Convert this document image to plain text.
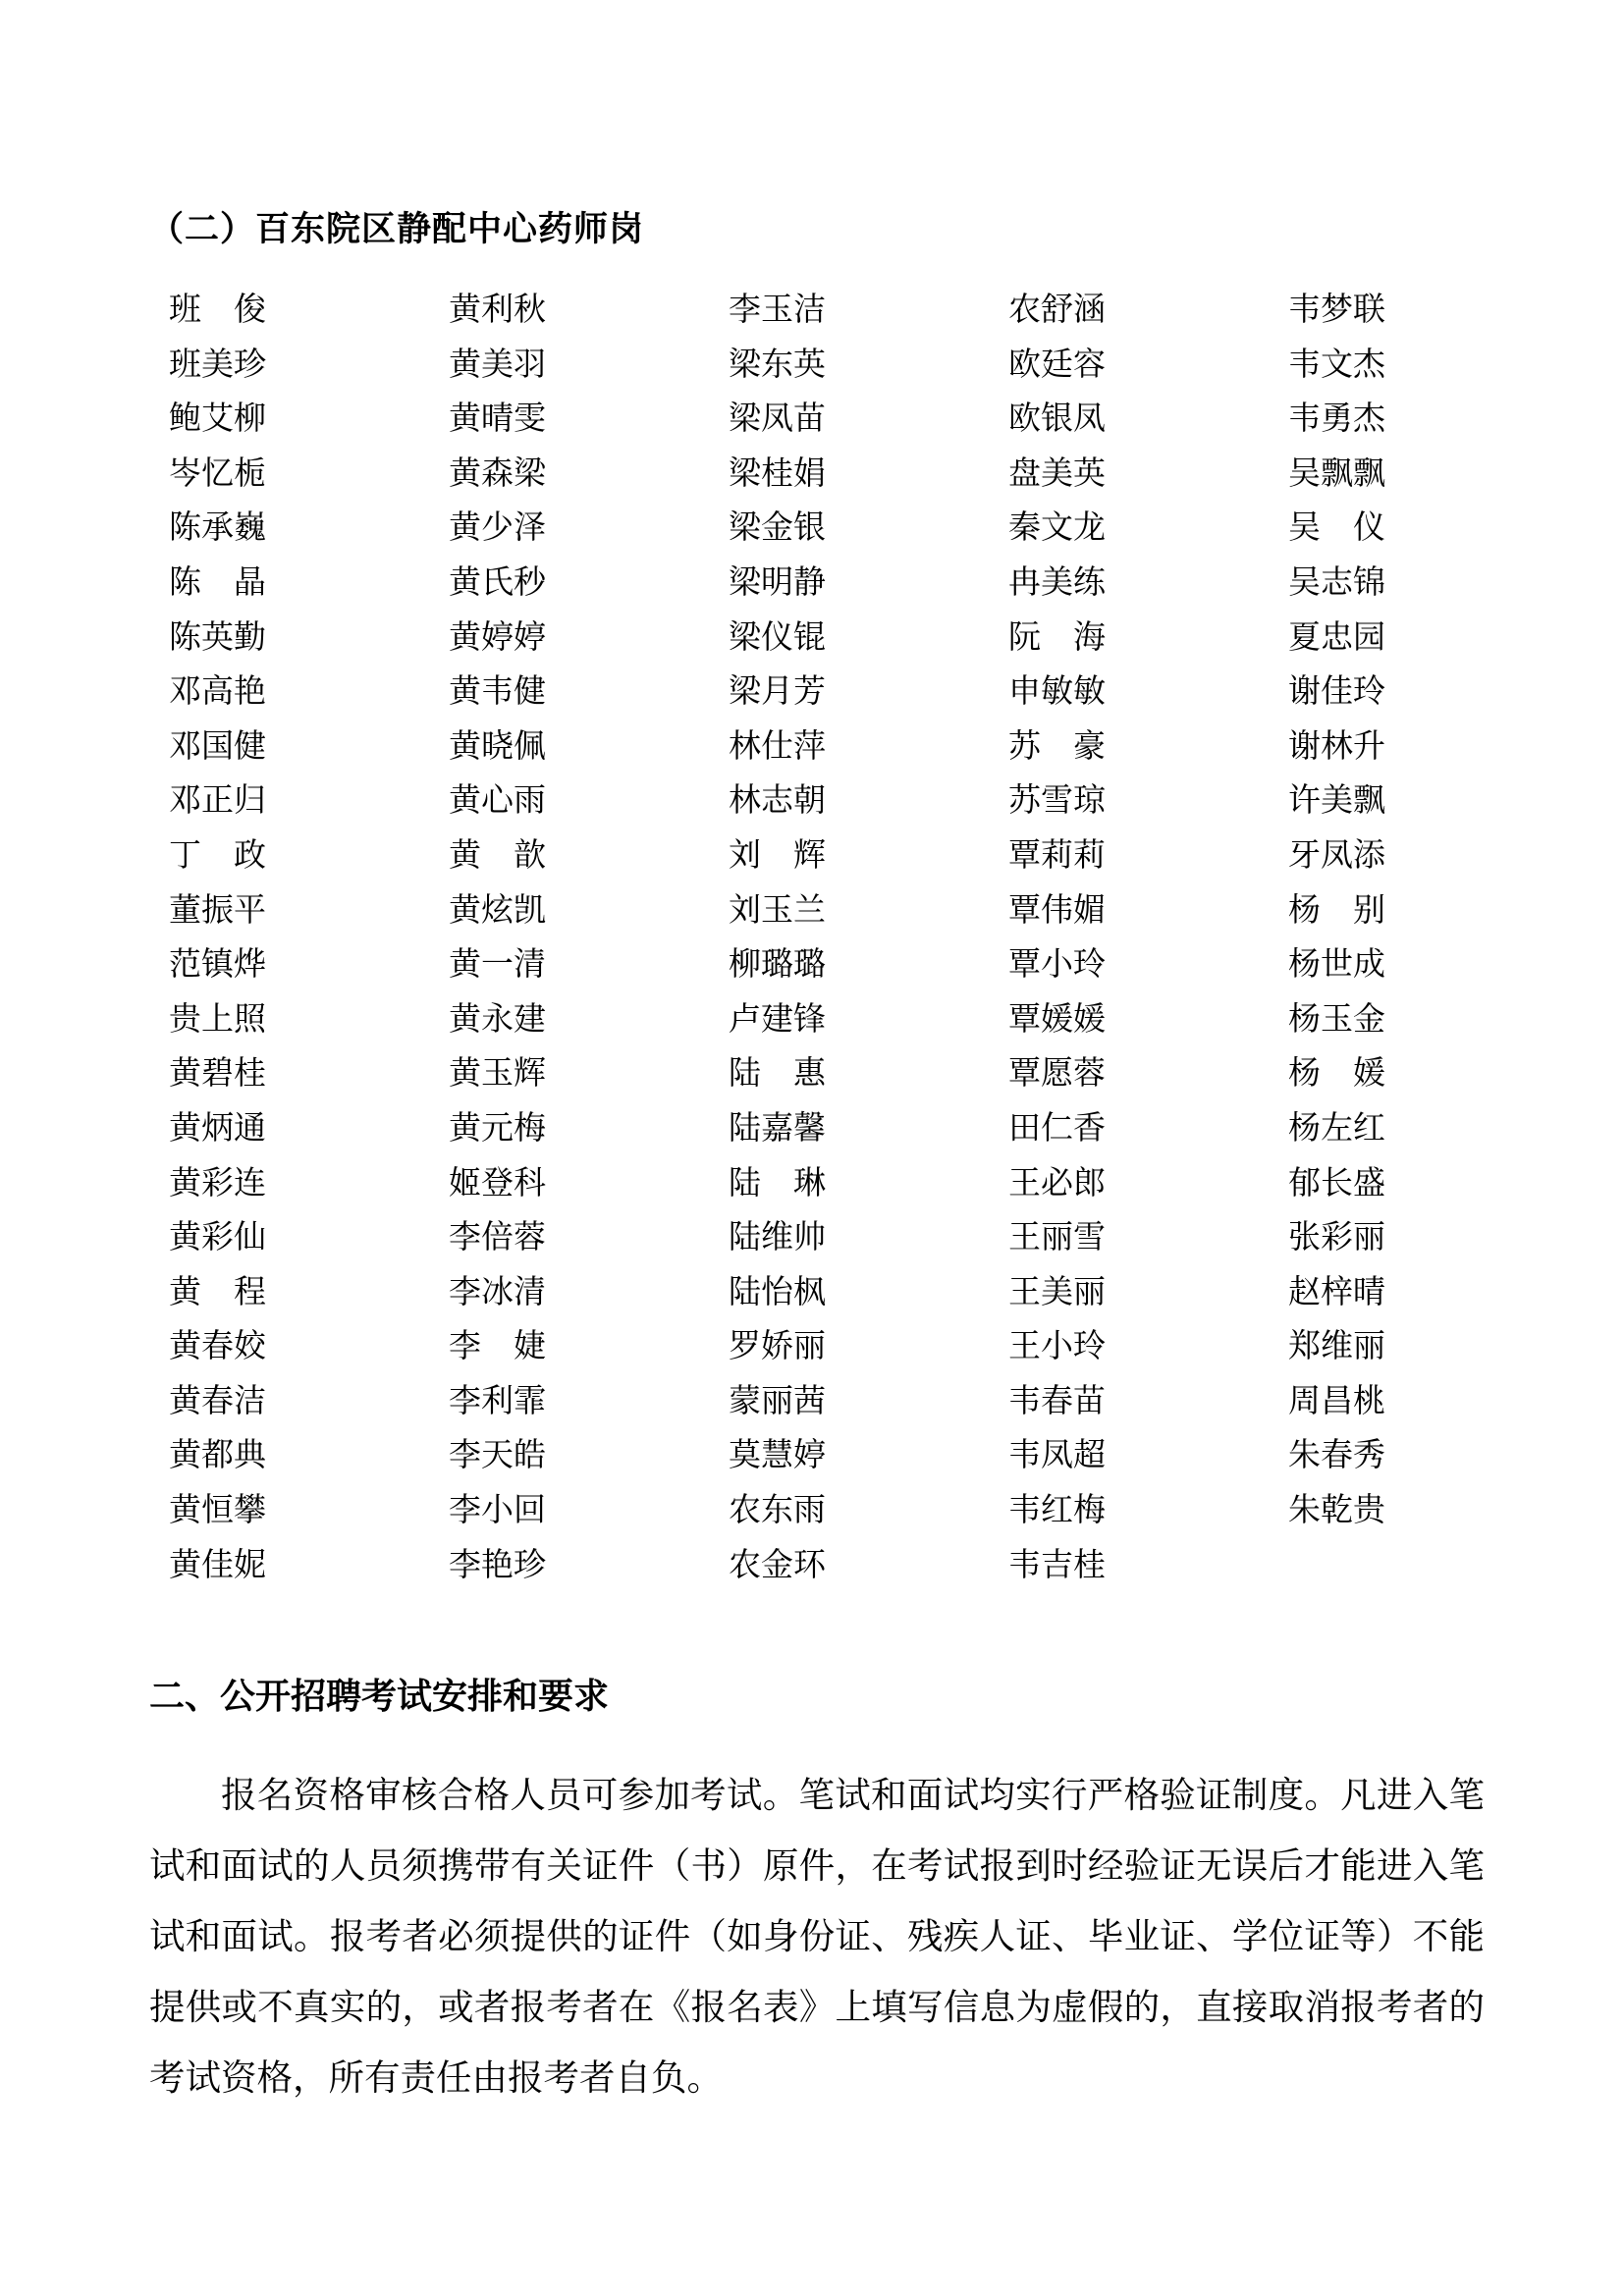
（二）百东院区静配中心药师岗
班　俊	黄利秋	李玉洁	农舒涵	韦梦联
班美珍	黄美羽	梁东英	欧廷容	韦文杰
鲍艾柳	黄晴雯	梁凤苗	欧银凤	韦勇杰
岑忆栀	黄森梁	梁桂娟	盘美英	吴飘飘
陈承巍	黄少泽	梁金银	秦文龙	吴　仪
陈　晶	黄氏秒	梁明静	冉美练	吴志锦
陈英勤	黄婷婷	梁仪锟	阮　海	夏忠园
邓高艳	黄韦健	梁月芳	申敏敏	谢佳玲
邓国健	黄晓佩	林仕萍	苏　豪	谢林升
邓正归	黄心雨	林志朝	苏雪琼	许美飘
丁　政	黄　歆	刘　辉	覃莉莉	牙凤添
董振平	黄炫凯	刘玉兰	覃伟媚	杨　别
范镇烨	黄一清	柳璐璐	覃小玲	杨世成
贵上照	黄永建	卢建锋	覃媛媛	杨玉金
黄碧桂	黄玉辉	陆　惠	覃愿蓉	杨　媛
黄炳通	黄元梅	陆嘉馨	田仁香	杨左红
黄彩连	姬登科	陆　琳	王必郎	郁长盛
黄彩仙	李倍蓉	陆维帅	王丽雪	张彩丽
黄　程	李冰清	陆怡枫	王美丽	赵梓晴
黄春姣	李　婕	罗娇丽	王小玲	郑维丽
黄春洁	李利霏	蒙丽茜	韦春苗	周昌桃
黄都典	李天皓	莫慧婷	韦凤超	朱春秀
黄恒攀	李小回	农东雨	韦红梅	朱乾贵
黄佳妮	李艳珍	农金环	韦吉桂
二、公开招聘考试安排和要求

报名资格审核合格人员可参加考试。笔试和面试均实行严格验证制度。凡进入笔试和面试的人员须携带有关证件（书）原件，在考试报到时经验证无误后才能进入笔试和面试。报考者必须提供的证件（如身份证、残疾人证、毕业证、学位证等）不能提供或不真实的，或者报考者在《报名表》上填写信息为虚假的，直接取消报考者的考试资格，所有责任由报考者自负。
